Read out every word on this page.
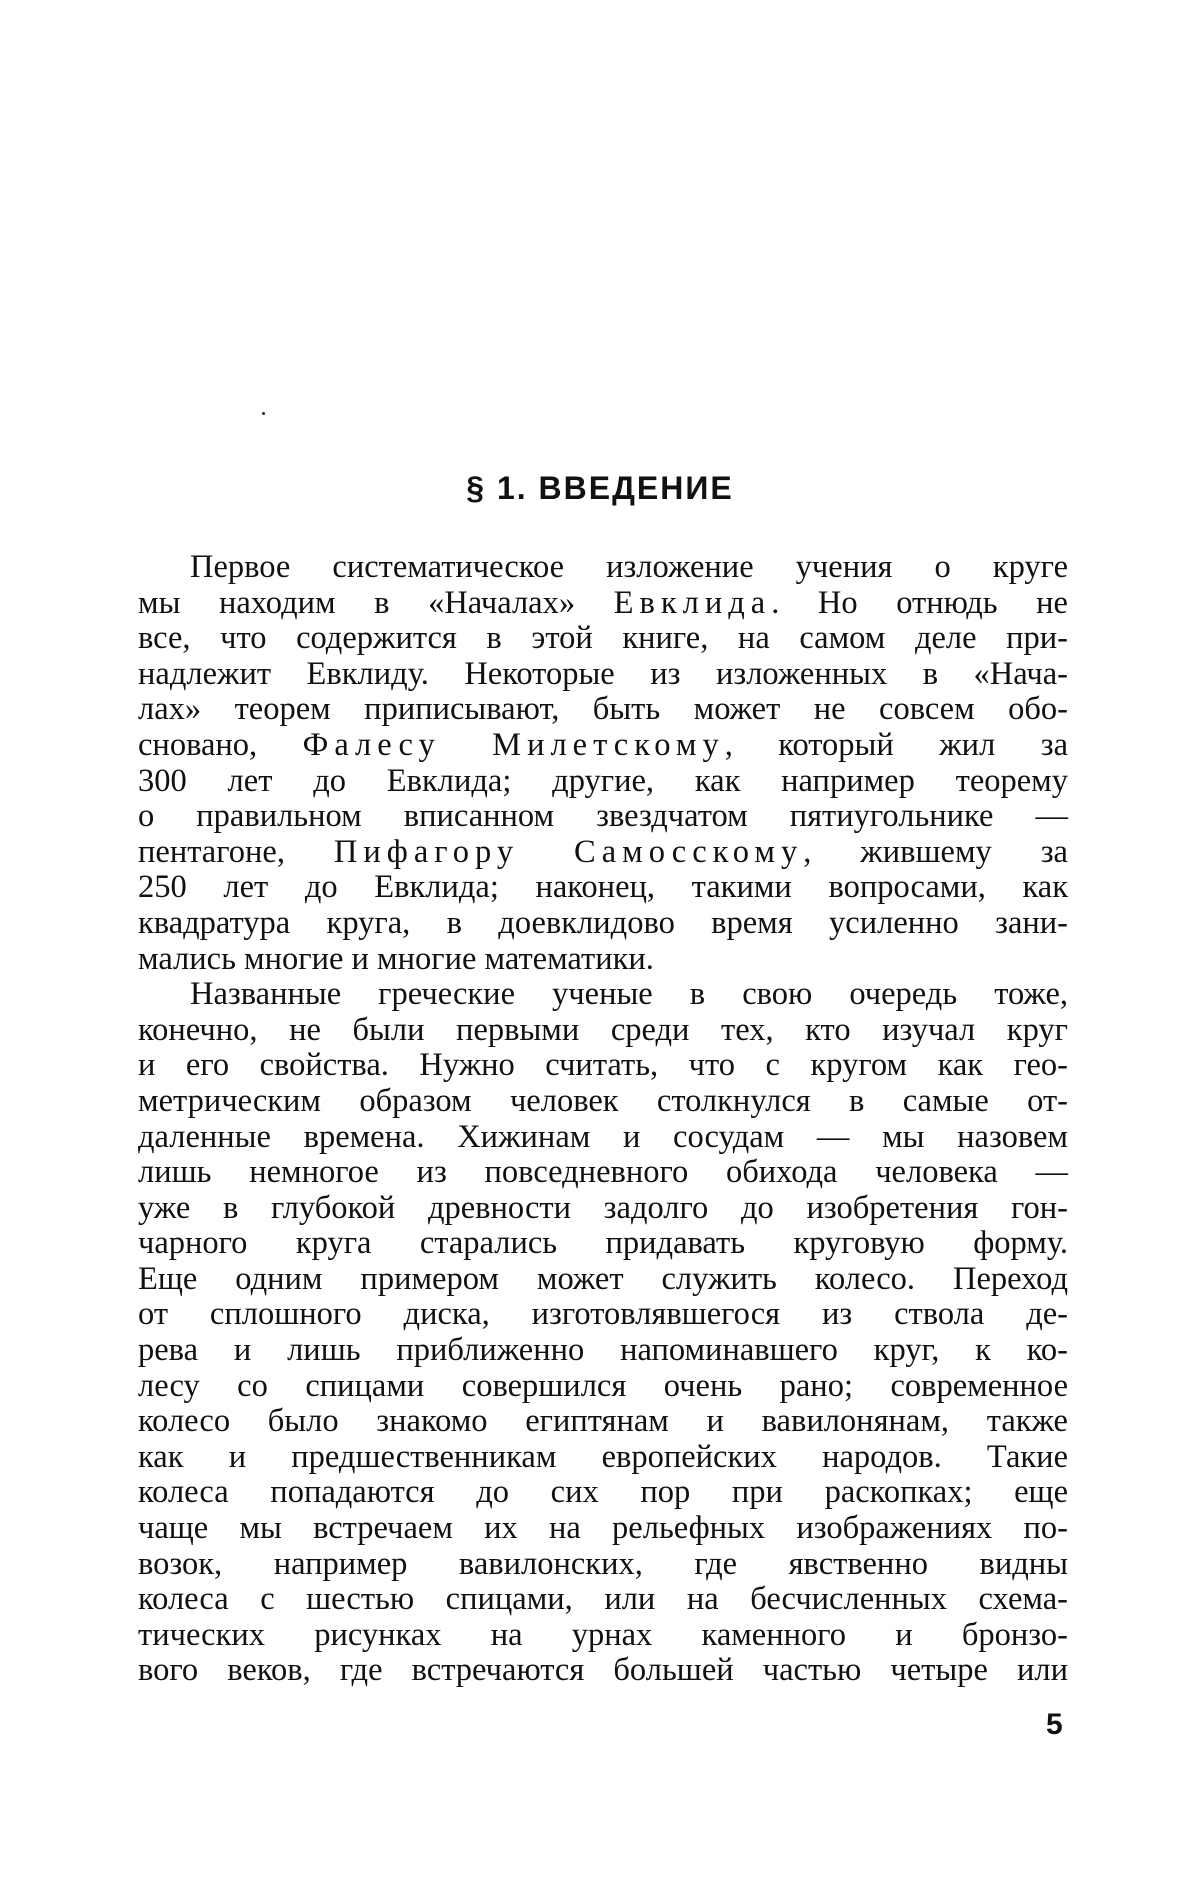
§ 1. ВВЕДЕНИЕ
Первое систематическое изложение учения о круге
мы находим в «Началах» Евклида. Но отнюдь не
все, что содержится в этой книге, на самом деле при-
надлежит Евклиду. Некоторые из изложенных в «Нача-
лах» теорем приписывают, быть может не совсем обо-
сновано, Фалесу Милетскому, который жил за
300 лет до Евклида; другие, как например теорему
о правильном вписанном звездчатом пятиугольнике —
пентагоне, Пифагору Самосскому, жившему за
250 лет до Евклида; наконец, такими вопросами, как
квадратура круга, в доевклидово время усиленно зани-
мались многие и многие математики.
Названные греческие ученые в свою очередь тоже,
конечно, не были первыми среди тех, кто изучал круг
и его свойства. Нужно считать, что с кругом как гео-
метрическим образом человек столкнулся в самые от-
даленные времена. Хижинам и сосудам — мы назовем
лишь немногое из повседневного обихода человека —
уже в глубокой древности задолго до изобретения гон-
чарного круга старались придавать круговую форму.
Еще одним примером может служить колесо. Переход
от сплошного диска, изготовлявшегося из ствола де-
рева и лишь приближенно напоминавшего круг, к ко-
лесу со спицами совершился очень рано; современное
колесо было знакомо египтянам и вавилонянам, также
как и предшественникам европейских народов. Такие
колеса попадаются до сих пор при раскопках; еще
чаще мы встречаем их на рельефных изображениях по-
возок, например вавилонских, где явственно видны
колеса с шестью спицами, или на бесчисленных схема-
тических рисунках на урнах каменного и бронзо-
вого веков, где встречаются большей частью четыре или
5
